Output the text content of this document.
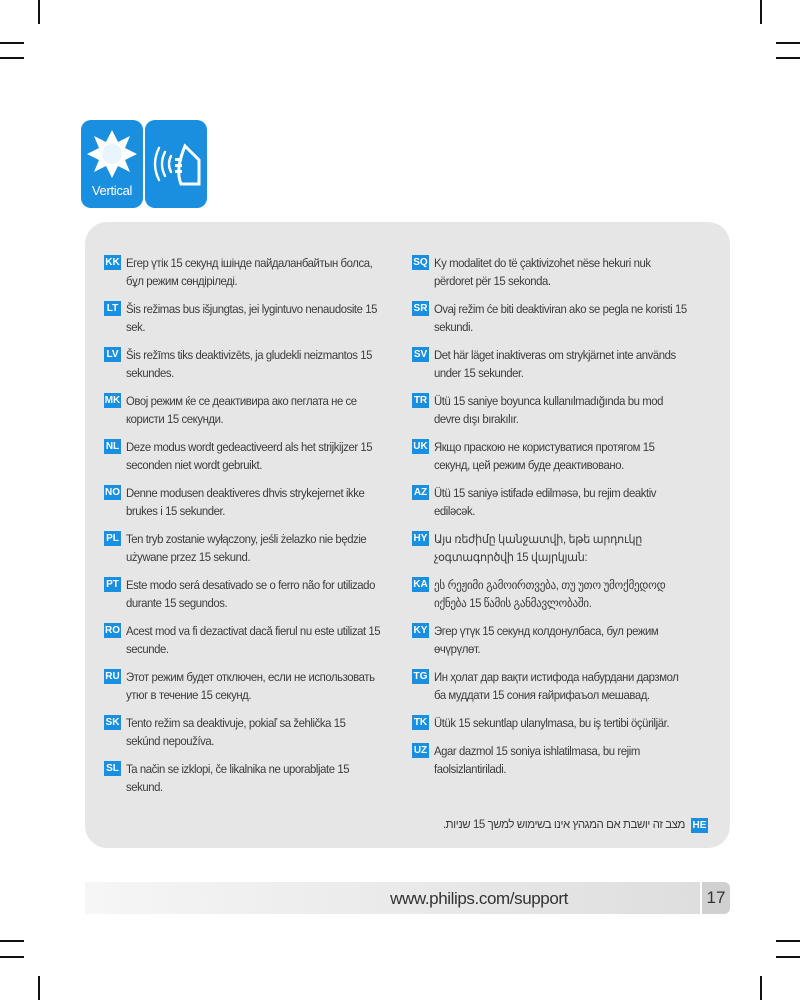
Vertical
KK Егер үтік 15 секунд ішінде пайдаланбайтын болса, бұл режим сөндіріледі.
LT Šis režimas bus išjungtas, jei lygintuvo nenaudosite 15 sek.
LV Šis režīms tiks deaktivizēts, ja gludekli neizmantos 15 sekundes.
MK Овој режим ќе се деактивира ако пеглата не се користи 15 секунди.
NL Deze modus wordt gedeactiveerd als het strijkijzer 15 seconden niet wordt gebruikt.
NO Denne modusen deaktiveres dhvis strykejernet ikke brukes i 15 sekunder.
PL Ten tryb zostanie wyłączony, jeśli żelazko nie będzie używane przez 15 sekund.
PT Este modo será desativado se o ferro não for utilizado durante 15 segundos.
RO Acest mod va fi dezactivat dacă fierul nu este utilizat 15 secunde.
RU Этот режим будет отключен, если не использовать утюг в течение 15 секунд.
SK Tento režim sa deaktivuje, pokiaľ sa žehlička 15 sekúnd nepoužíva.
SL Ta način se izklopi, če likalnika ne uporabljate 15 sekund.
SQ Ky modalitet do të çaktivizohet nëse hekuri nuk përdoret për 15 sekonda.
SR Ovaj režim će biti deaktiviran ako se pegla ne koristi 15 sekundi.
SV Det här läget inaktiveras om strykjärnet inte används under 15 sekunder.
TR Ütü 15 saniye boyunca kullanılmadığında bu mod devre dışı bırakılır.
UK Якщо праскою не користуватися протягом 15 секунд, цей режим буде деактивовано.
AZ Ütü 15 saniyə istifadə edilməsə, bu rejim deaktiv ediləcək.
HY Այս ռեժիմը կանջատվի, եթե արդուկը չօգտագործվի 15 վայրկյան:
KA ეს რეჟიმი გამოირთვება, თუ უთო უმოქმედოდ იქნება 15 წამის განმავლობაში.
KY Эгер үтүк 15 секунд колдонулбаса, бул режим өчүрүлөт.
TG Ин ҳолат дар вақти истифода набурдани дарзмол ба муддати 15 сония ғайрифаъол мешавад.
TK Ütük 15 sekuntlap ulanylmasa, bu iş tertibi öçüriljär.
UZ Agar dazmol 15 soniya ishlatilmasa, bu rejim faolsizlantiriladi.
מצב זה יושבת אם המגהץ אינו בשימוש למשך 15 שניות. HE
www.philips.com/support	17
